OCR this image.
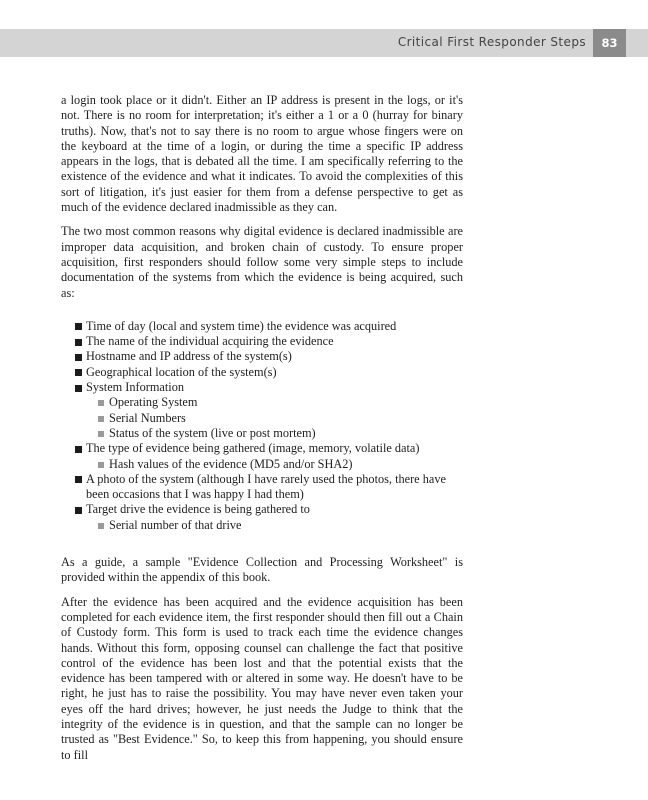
Critical First Responder Steps	83

a login took place or it didn't. Either an IP address is present in the logs, or it's not. There is no room for interpretation; it's either a 1 or a 0 (hurray for binary truths). Now, that's not to say there is no room to argue whose fingers were on the keyboard at the time of a login, or during the time a specific IP address appears in the logs, that is debated all the time. I am specifically referring to the existence of the evidence and what it indicates. To avoid the complexities of this sort of litigation, it's just easier for them from a defense perspective to get as much of the evidence declared inadmissible as they can.

The two most common reasons why digital evidence is declared inadmissible are improper data acquisition, and broken chain of custody. To ensure proper acquisition, first responders should follow some very simple steps to include documentation of the systems from which the evidence is being acquired, such as:

Time of day (local and system time) the evidence was acquired
The name of the individual acquiring the evidence
Hostname and IP address of the system(s)
Geographical location of the system(s)
System Information
Operating System
Serial Numbers
Status of the system (live or post mortem)
The type of evidence being gathered (image, memory, volatile data)
Hash values of the evidence (MD5 and/or SHA2)
A photo of the system (although I have rarely used the photos, there have been occasions that I was happy I had them)
Target drive the evidence is being gathered to
Serial number of that drive

As a guide, a sample "Evidence Collection and Processing Worksheet" is provided within the appendix of this book.

After the evidence has been acquired and the evidence acquisition has been completed for each evidence item, the first responder should then fill out a Chain of Custody form. This form is used to track each time the evidence changes hands. Without this form, opposing counsel can challenge the fact that positive control of the evidence has been lost and that the potential exists that the evidence has been tampered with or altered in some way. He doesn't have to be right, he just has to raise the possibility. You may have never even taken your eyes off the hard drives; however, he just needs the Judge to think that the integrity of the evidence is in question, and that the sample can no longer be trusted as "Best Evidence." So, to keep this from happening, you should ensure to fill
